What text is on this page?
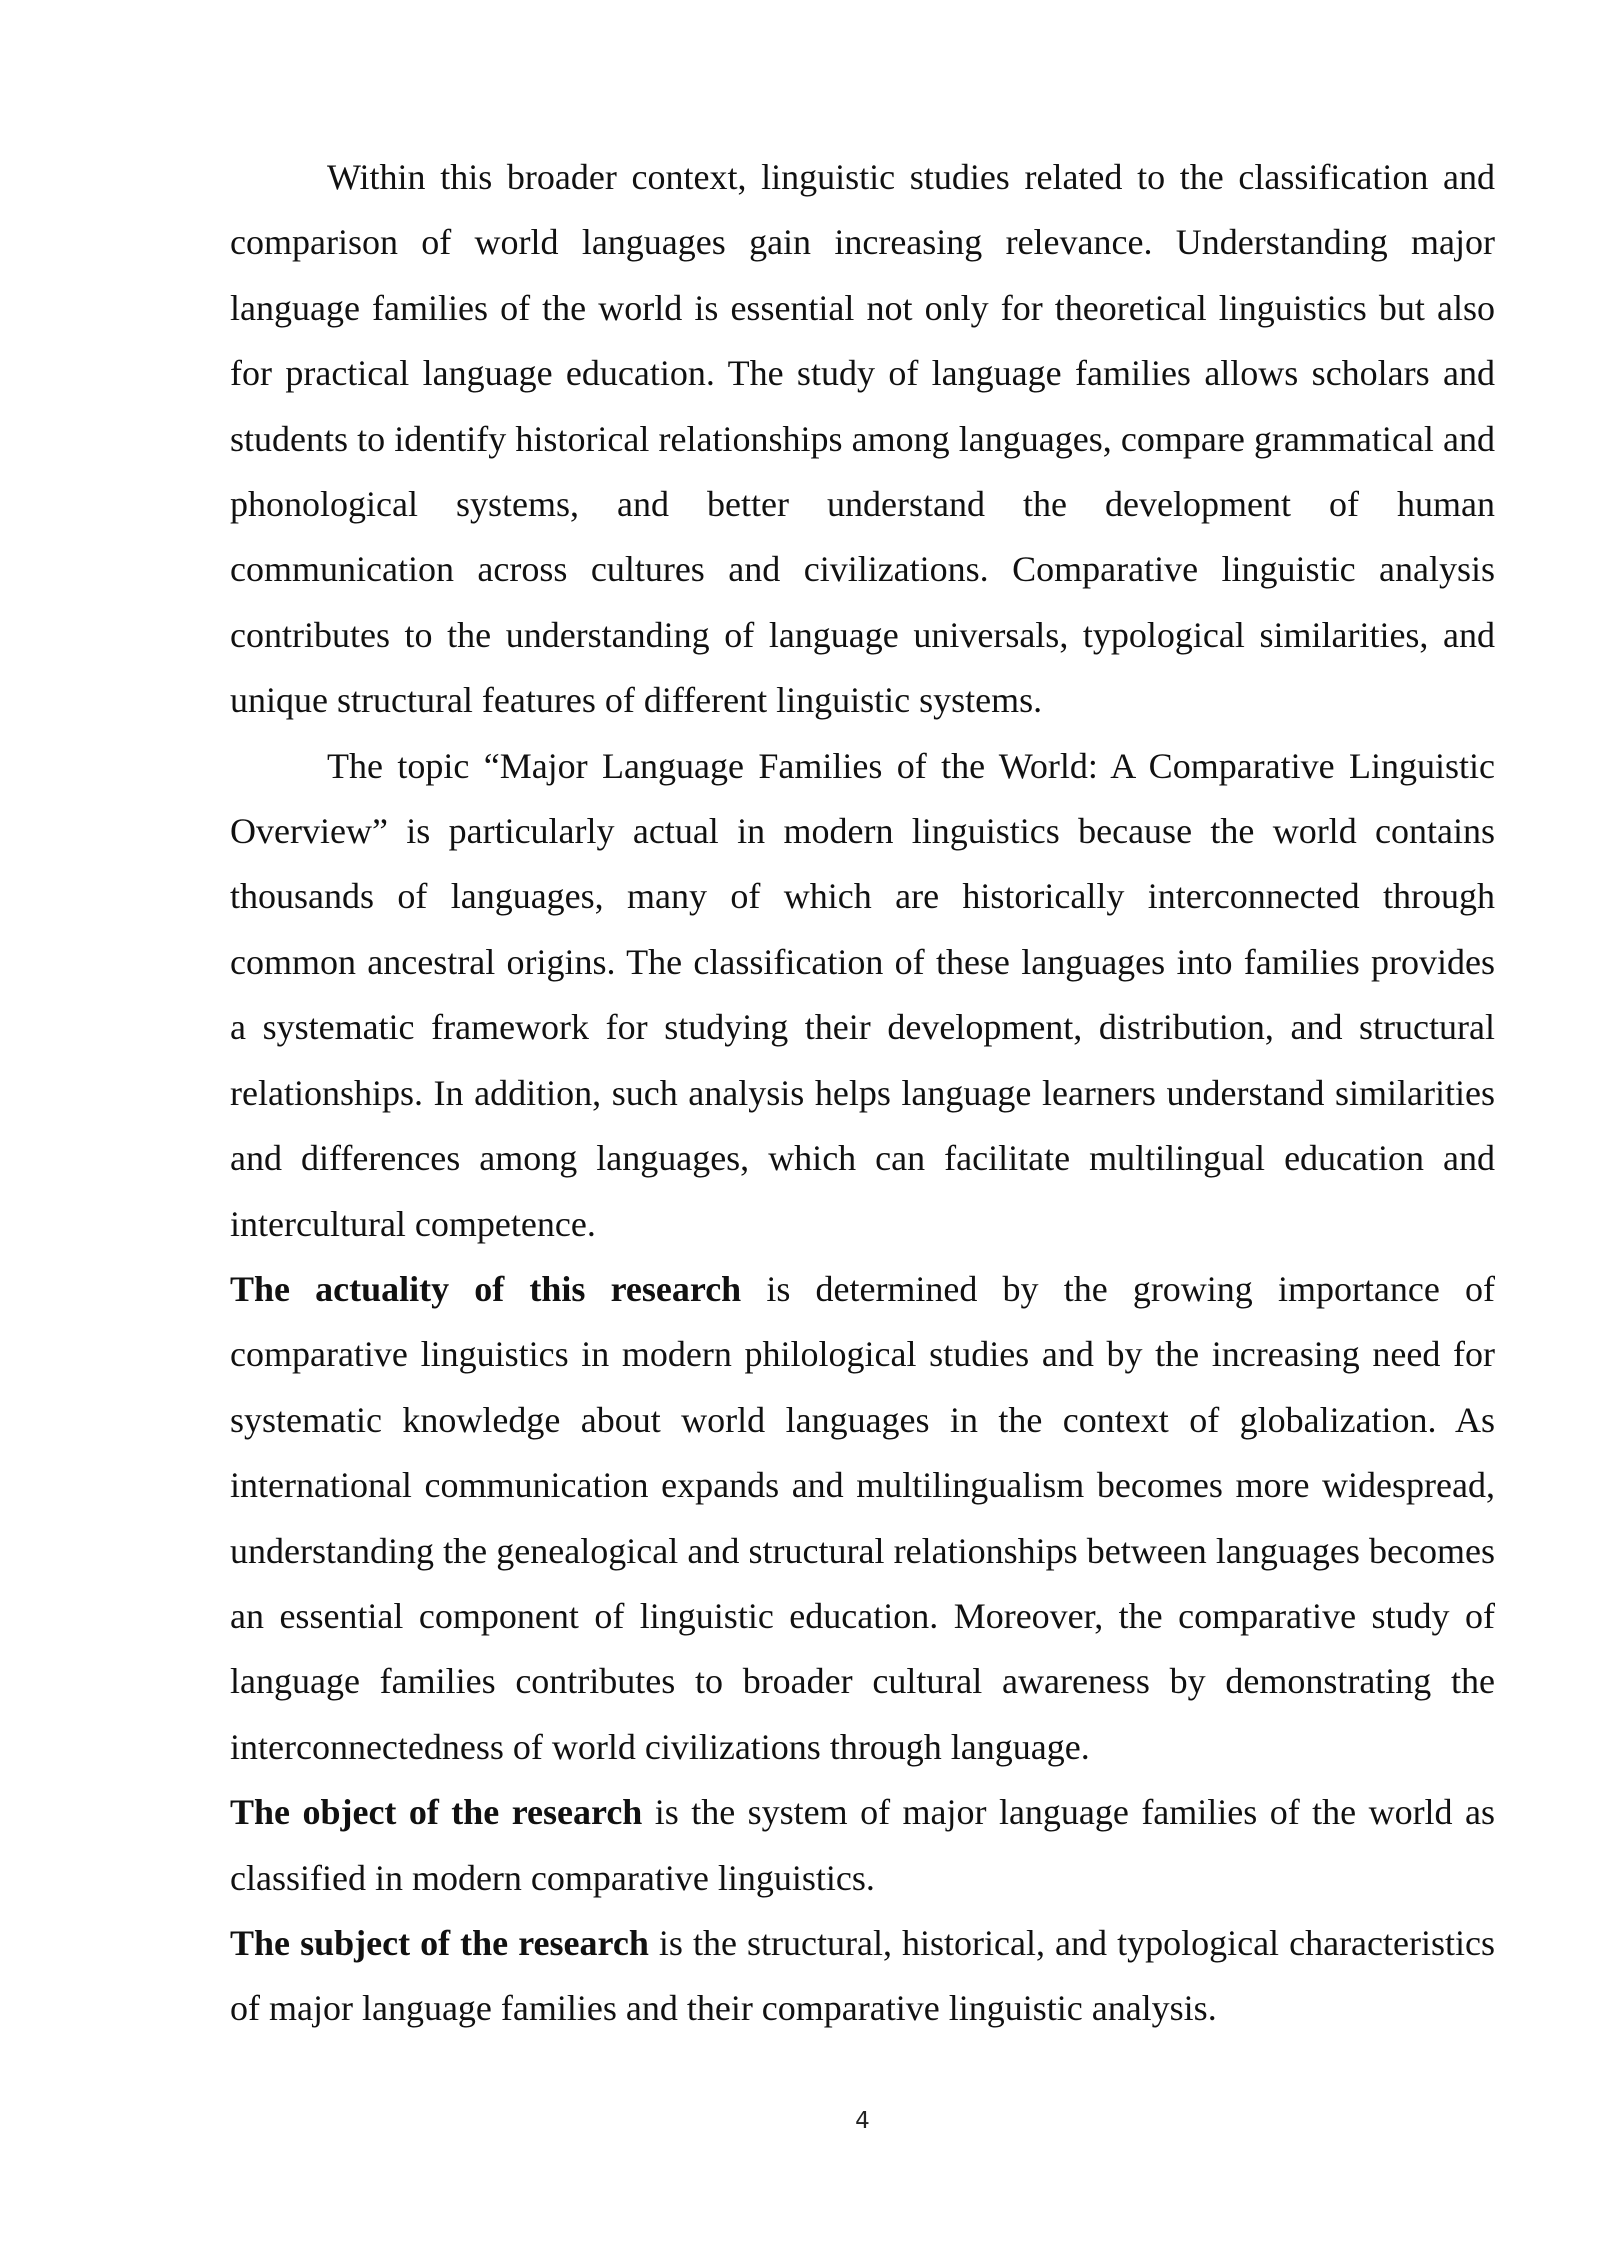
Within this broader context, linguistic studies related to the classification and comparison of world languages gain increasing relevance. Understanding major language families of the world is essential not only for theoretical linguistics but also for practical language education. The study of language families allows scholars and students to identify historical relationships among languages, compare grammatical and phonological systems, and better understand the development of human communication across cultures and civilizations. Comparative linguistic analysis contributes to the understanding of language universals, typological similarities, and unique structural features of different linguistic systems.

The topic “Major Language Families of the World: A Comparative Linguistic Overview” is particularly actual in modern linguistics because the world contains thousands of languages, many of which are historically interconnected through common ancestral origins. The classification of these languages into families provides a systematic framework for studying their development, distribution, and structural relationships. In addition, such analysis helps language learners understand similarities and differences among languages, which can facilitate multilingual education and intercultural competence.

The actuality of this research is determined by the growing importance of comparative linguistics in modern philological studies and by the increasing need for systematic knowledge about world languages in the context of globalization. As international communication expands and multilingualism becomes more widespread, understanding the genealogical and structural relationships between languages becomes an essential component of linguistic education. Moreover, the comparative study of language families contributes to broader cultural awareness by demonstrating the interconnectedness of world civilizations through language.

The object of the research is the system of major language families of the world as classified in modern comparative linguistics.

The subject of the research is the structural, historical, and typological characteristics of major language families and their comparative linguistic analysis.

4
